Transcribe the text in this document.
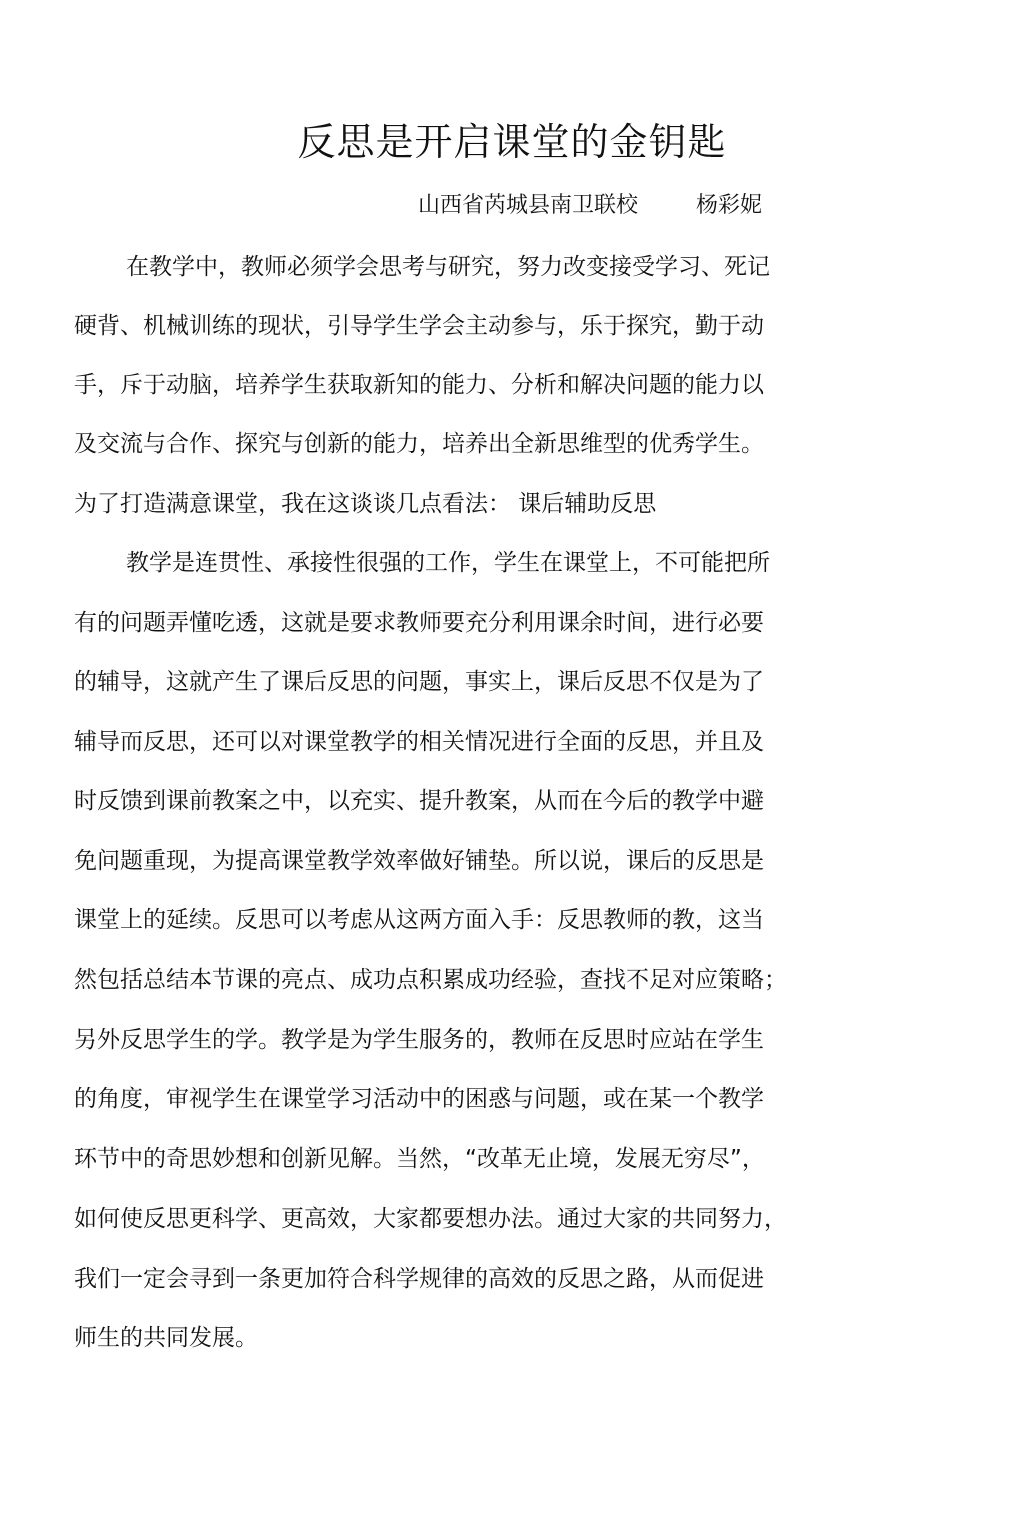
反思是开启课堂的金钥匙
山西省芮城县南卫联校	杨彩妮
在教学中，教师必须学会思考与研究，努力改变接受学习、死记
硬背、机械训练的现状，引导学生学会主动参与，乐于探究，勤于动
手，斥于动脑，培养学生获取新知的能力、分析和解决问题的能力以
及交流与合作、探究与创新的能力，培养出全新思维型的优秀学生。
为了打造满意课堂，我在这谈谈几点看法： 课后辅助反思
教学是连贯性、承接性很强的工作，学生在课堂上，不可能把所
有的问题弄懂吃透，这就是要求教师要充分利用课余时间，进行必要
的辅导，这就产生了课后反思的问题，事实上，课后反思不仅是为了
辅导而反思，还可以对课堂教学的相关情况进行全面的反思，并且及
时反馈到课前教案之中，以充实、提升教案，从而在今后的教学中避
免问题重现，为提高课堂教学效率做好铺垫。所以说，课后的反思是
课堂上的延续。反思可以考虑从这两方面入手：反思教师的教，这当
然包括总结本节课的亮点、成功点积累成功经验，查找不足对应策略；
另外反思学生的学。教学是为学生服务的，教师在反思时应站在学生
的角度，审视学生在课堂学习活动中的困惑与问题，或在某一个教学
环节中的奇思妙想和创新见解。当然，“改革无止境，发展无穷尽”，
如何使反思更科学、更高效，大家都要想办法。通过大家的共同努力，
我们一定会寻到一条更加符合科学规律的高效的反思之路，从而促进
师生的共同发展。
